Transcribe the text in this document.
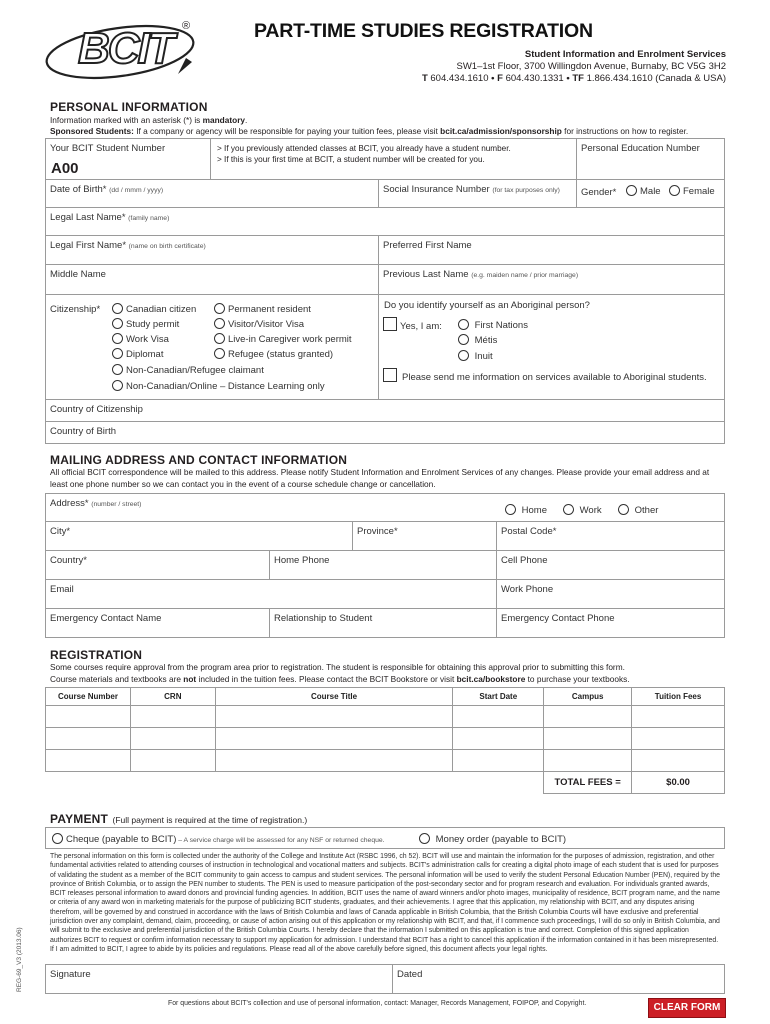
BCIT ®	PART-TIME STUDIES REGISTRATION
Student Information and Enrolment Services
SW1–1st Floor, 3700 Willingdon Avenue, Burnaby, BC V5G 3H2
T 604.434.1610 • F 604.430.1331 • TF 1.866.434.1610 (Canada & USA)
PERSONAL INFORMATION
Information marked with an asterisk (*) is mandatory.
Sponsored Students: If a company or agency will be responsible for paying your tuition fees, please visit bcit.ca/admission/sponsorship for instructions on how to register.
Your BCIT Student Number
A00
> If you previously attended classes at BCIT, you already have a student number.
> If this is your first time at BCIT, a student number will be created for you.
Personal Education Number
Date of Birth* (dd / mmm / yyyy)	Social Insurance Number (for tax purposes only) Gender*	Male	Female
Legal Last Name* (family name)
Legal First Name* (name on birth certificate)	Preferred First Name
Middle Name	Previous Last Name (e.g. maiden name / prior marriage)
Citizenship*	Canadian citizen	Permanent resident
Study permit	Visitor/Visitor Visa
Work Visa	Live-in Caregiver work permit
Diplomat	Refugee (status granted)
Non-Canadian/Refugee claimant
Non-Canadian/Online – Distance Learning only
Do you identify yourself as an Aboriginal person?
Yes, I am:	First Nations
Métis
Inuit
Please send me information on services available to Aboriginal students.
Country of Citizenship
Country of Birth
MAILING ADDRESS AND CONTACT INFORMATION
All official BCIT correspondence will be mailed to this address. Please notify Student Information and Enrolment Services of any changes. Please provide your email address and at least one phone number so we can contact you in the event of a course schedule change or cancellation.
Address* (number / street)
Home	Work	Other
City*	Province*	Postal Code*
Country*	Home Phone	Cell Phone
Email	Work Phone
Emergency Contact Name	Relationship to Student	Emergency Contact Phone
REGISTRATION
Some courses require approval from the program area prior to registration. The student is responsible for obtaining this approval prior to submitting this form.
Course materials and textbooks are not included in the tuition fees. Please contact the BCIT Bookstore or visit bcit.ca/bookstore to purchase your textbooks.
Course Number	CRN	Course Title	Start Date	Campus	Tuition Fees

				TOTAL FEES =	$0.00
PAYMENT (Full payment is required at the time of registration.)
Cheque (payable to BCIT) – A service charge will be assessed for any NSF or returned cheque.	Money order (payable to BCIT)
The personal information on this form is collected under the authority of the College and Institute Act (RSBC 1996, ch 52). BCIT will use and maintain the information for the purposes of admission, registration, and other fundamental activities related to attending courses of instruction in technological and vocational matters and subjects. BCIT's administration calls for creating a digital photo image of each student that is used for purposes of validating the student as a member of the BCIT community to gain access to campus and student services. The personal information will be used to verify the student Personal Education Number (PEN), required by the province of British Columbia, or to assign the PEN number to students. The PEN is used to measure participation of the post-secondary sector and for program research and evaluation. For individuals granted awards, BCIT releases personal information to award donors and provincial funding agencies. In addition, BCIT uses the name of award winners and/or photo images, municipality of residence, BCIT program name, and the name or criteria of any award won in marketing materials for the purpose of publicizing BCIT students, graduates, and their achievements. I agree that this application, my relationship with BCIT, and any disputes arising therefrom, will be governed by and construed in accordance with the laws of British Columbia and laws of Canada applicable in British Columbia, that the British Columbia Courts will have exclusive and preferential jurisdiction over any complaint, demand, claim, proceeding, or cause of action arising out of this application or my relationship with BCIT, and that, if I commence such proceedings, I will do so only in British Columbia, and will submit to the exclusive and preferential jurisdiction of the British Columbia Courts. I hereby declare that the information I submitted on this application is true and correct. Completion of this signed application authorizes BCIT to request or confirm information necessary to support my application for admission. I understand that BCIT has a right to cancel this application if the information contained in it has been misrepresented. If I am admitted to BCIT, I agree to abide by its policies and regulations. Please read all of the above carefully before signed, this document affects your legal rights.
REG-69_V3 (2013.06)	Signature	Dated
For questions about BCIT's collection and use of personal information, contact: Manager, Records Management, FOIPOP, and Copyright.	CLEAR FORM
